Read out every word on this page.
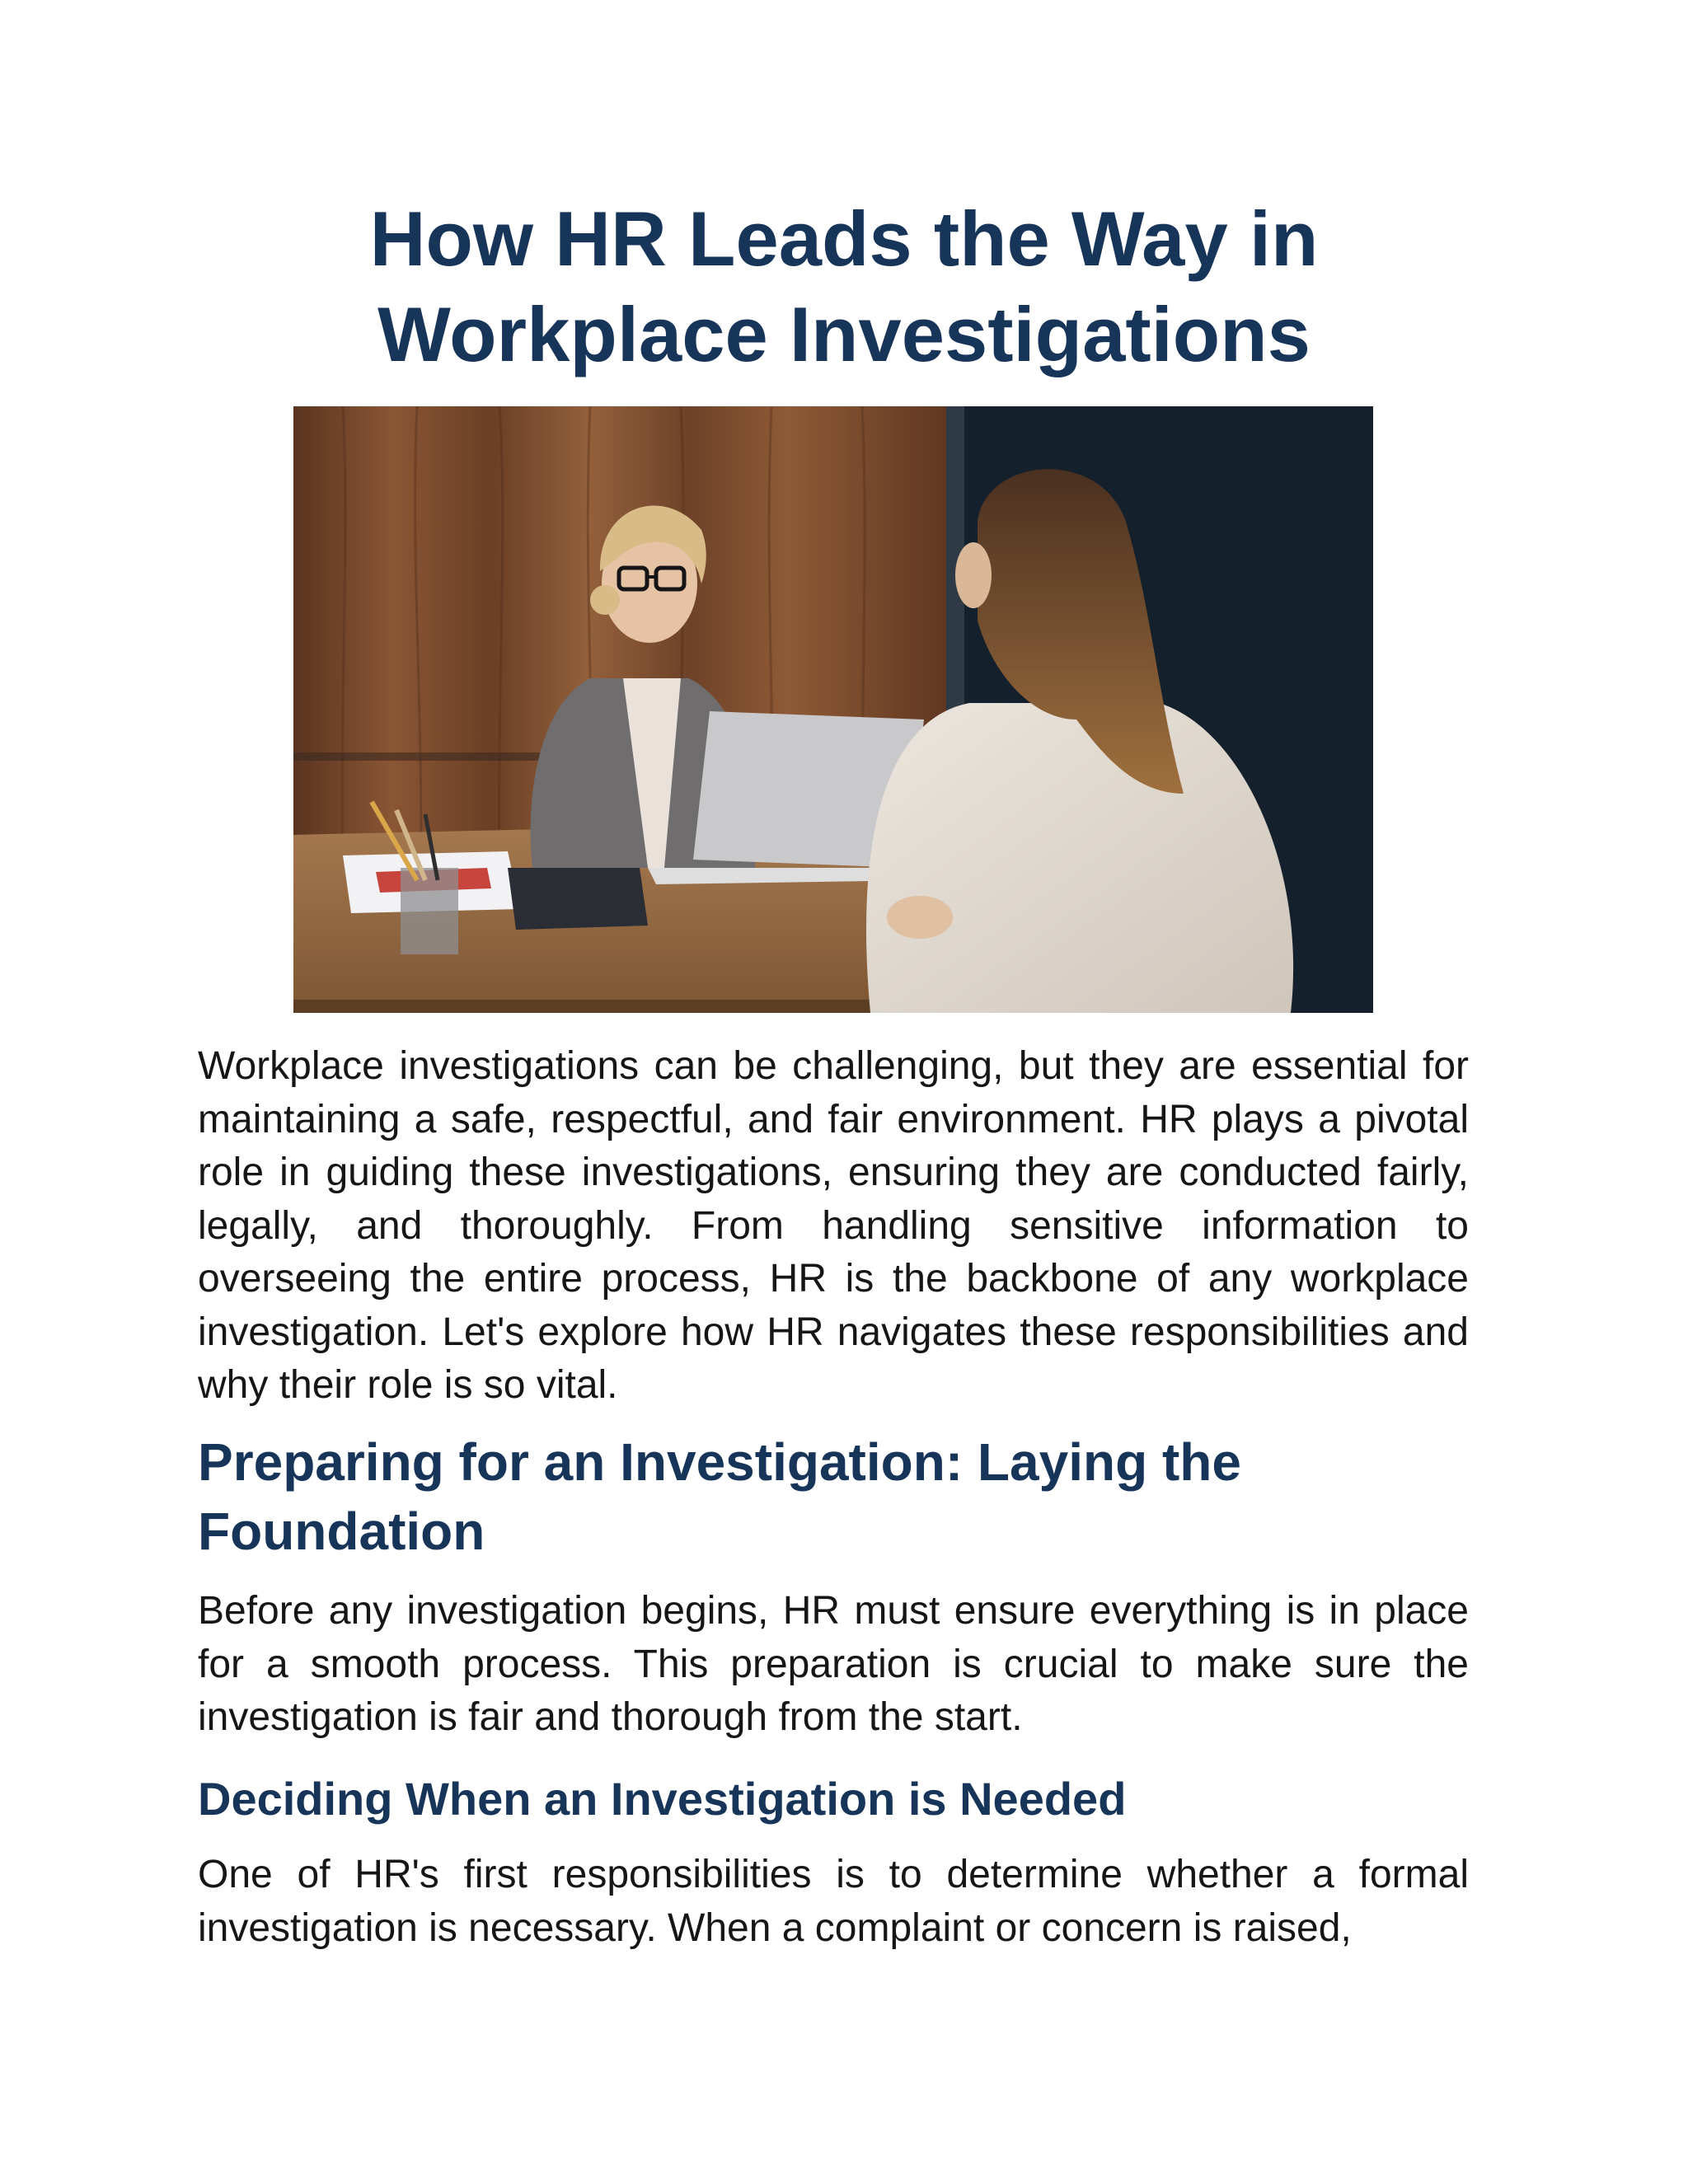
How HR Leads the Way in Workplace Investigations

Workplace investigations can be challenging, but they are essential for maintaining a safe, respectful, and fair environment. HR plays a pivotal role in guiding these investigations, ensuring they are conducted fairly, legally, and thoroughly. From handling sensitive information to overseeing the entire process, HR is the backbone of any workplace investigation. Let's explore how HR navigates these responsibilities and why their role is so vital.

Preparing for an Investigation: Laying the Foundation

Before any investigation begins, HR must ensure everything is in place for a smooth process. This preparation is crucial to make sure the investigation is fair and thorough from the start.

Deciding When an Investigation is Needed

One of HR's first responsibilities is to determine whether a formal investigation is necessary. When a complaint or concern is raised,
